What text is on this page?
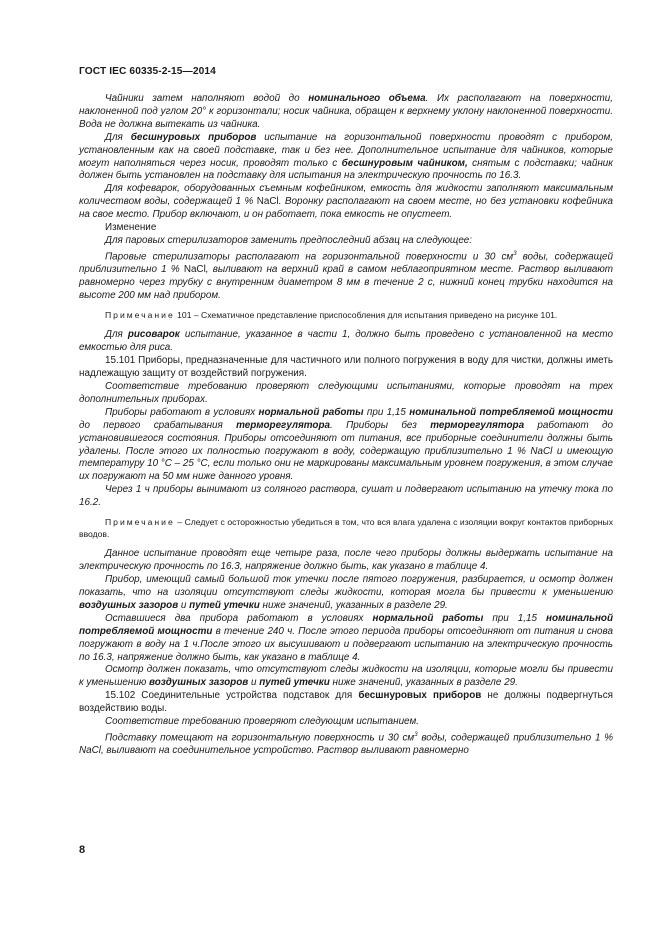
ГОСТ IEC 60335-2-15—2014

Чайники затем наполняют водой до номинального объема. Их располагают на поверхности, наклоненной под углом 20° к горизонтали; носик чайника, обращен к верхнему уклону наклоненной поверхности. Вода не должна вытекать из чайника.

Для бесшнуровых приборов испытание на горизонтальной поверхности проводят с прибором, установленным как на своей подставке, так и без нее. Дополнительное испытание для чайников, которые могут наполняться через носик, проводят только с бесшнуровым чайником, снятым с подставки; чайник должен быть установлен на подставку для испытания на электрическую прочность по 16.3.

Для кофеварок, оборудованных съемным кофейником, емкость для жидкости заполняют максимальным количеством воды, содержащей 1 % NaCl. Воронку располагают на своем месте, но без установки кофейника на свое место. Прибор включают, и он работает, пока емкость не опустеет.

Изменение

Для паровых стерилизаторов заменить предпоследний абзац на следующее:

Паровые стерилизаторы располагают на горизонтальной поверхности и 30 $см^3$ воды, содержащей приблизительно 1 % NaCl, выливают на верхний край в самом неблагоприятном месте. Раствор выливают равномерно через трубку с внутренним диаметром 8 мм в течение 2 с, нижний конец трубки находится на высоте 200 мм над прибором.

Примечание 101 – Схематичное представление приспособления для испытания приведено на рисунке 101.

Для рисоварок испытание, указанное в части 1, должно быть проведено с установленной на место емкостью для риса.

15.101 Приборы, предназначенные для частичного или полного погружения в воду для чистки, должны иметь надлежащую защиту от воздействий погружения.

Соответствие требованию проверяют следующими испытаниями, которые проводят на трех дополнительных приборах.

Приборы работают в условиях нормальной работы при 1,15 номинальной потребляемой мощности до первого срабатывания терморегулятора. Приборы без терморегулятора работают до установившегося состояния. Приборы отсоединяют от питания, все приборные соединители должны быть удалены. После этого их полностью погружают в воду, содержащую приблизительно 1 % NaCl и имеющую температуру 10 °C – 25 °C, если только они не маркированы максимальным уровнем погружения, в этом случае их погружают на 50 мм ниже данного уровня.

Через 1 ч приборы вынимают из соляного раствора, сушат и подвергают испытанию на утечку тока по 16.2.

Примечание – Следует с осторожностью убедиться в том, что вся влага удалена с изоляции вокруг контактов приборных вводов.

Данное испытание проводят еще четыре раза, после чего приборы должны выдержать испытание на электрическую прочность по 16.3, напряжение должно быть, как указано в таблице 4.

Прибор, имеющий самый большой ток утечки после пятого погружения, разбирается, и осмотр должен показать, что на изоляции отсутствуют следы жидкости, которая могла бы привести к уменьшению воздушных зазоров и путей утечки ниже значений, указанных в разделе 29.

Оставшиеся два прибора работают в условиях нормальной работы при 1,15 номинальной потребляемой мощности в течение 240 ч. После этого периода приборы отсоединяют от питания и снова погружают в воду на 1 ч.После этого их высушивают и подвергают испытанию на электрическую прочность по 16.3, напряжение должно быть, как указано в таблице 4.

Осмотр должен показать, что отсутствуют следы жидкости на изоляции, которые могли бы привести к уменьшению воздушных зазоров и путей утечки ниже значений, указанных в разделе 29.

15.102 Соединительные устройства подставок для бесшнуровых приборов не должны подвергнуться воздействию воды.

Соответствие требованию проверяют следующим испытанием.

Подставку помещают на горизонтальную поверхность и 30 $см^3$ воды, содержащей приблизительно 1 % NaCl, выливают на соединительное устройство. Раствор выливают равномерно

8
